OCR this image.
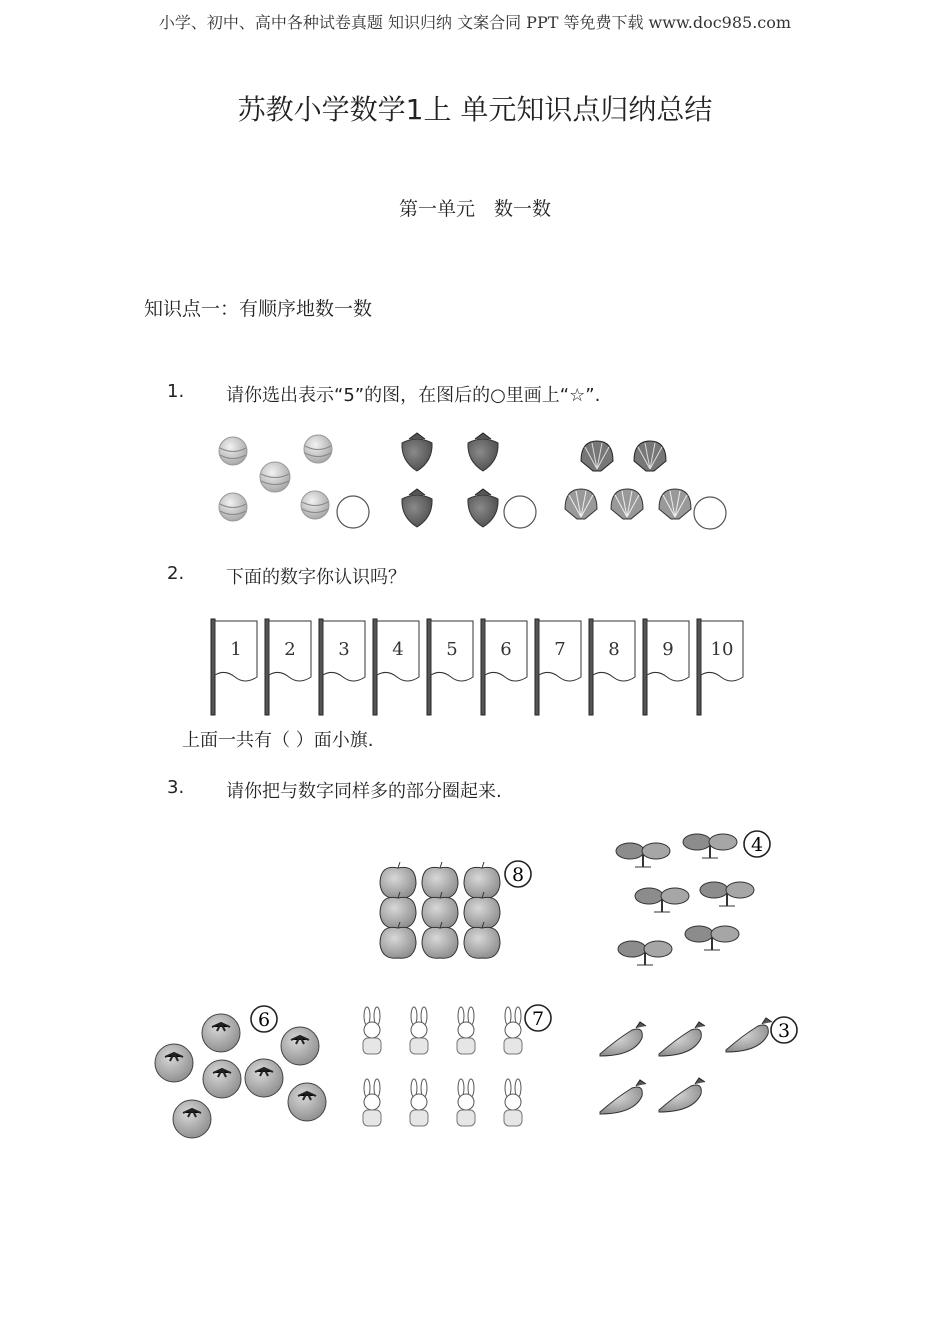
小学、初中、高中各种试卷真题 知识归纳 文案合同 PPT 等免费下载 www.doc985.com
苏教小学数学1上 单元知识点归纳总结
第一单元　数一数
知识点一：有顺序地数一数
1. 请你选出表示“5”的图，在图后的○里画上“☆”.
2. 下面的数字你认识吗？
1 2 3 4 5 6 7 8 9 10
上面一共有（ ）面小旗.
3. 请你把与数字同样多的部分圈起来.
8
4
6	7
3
